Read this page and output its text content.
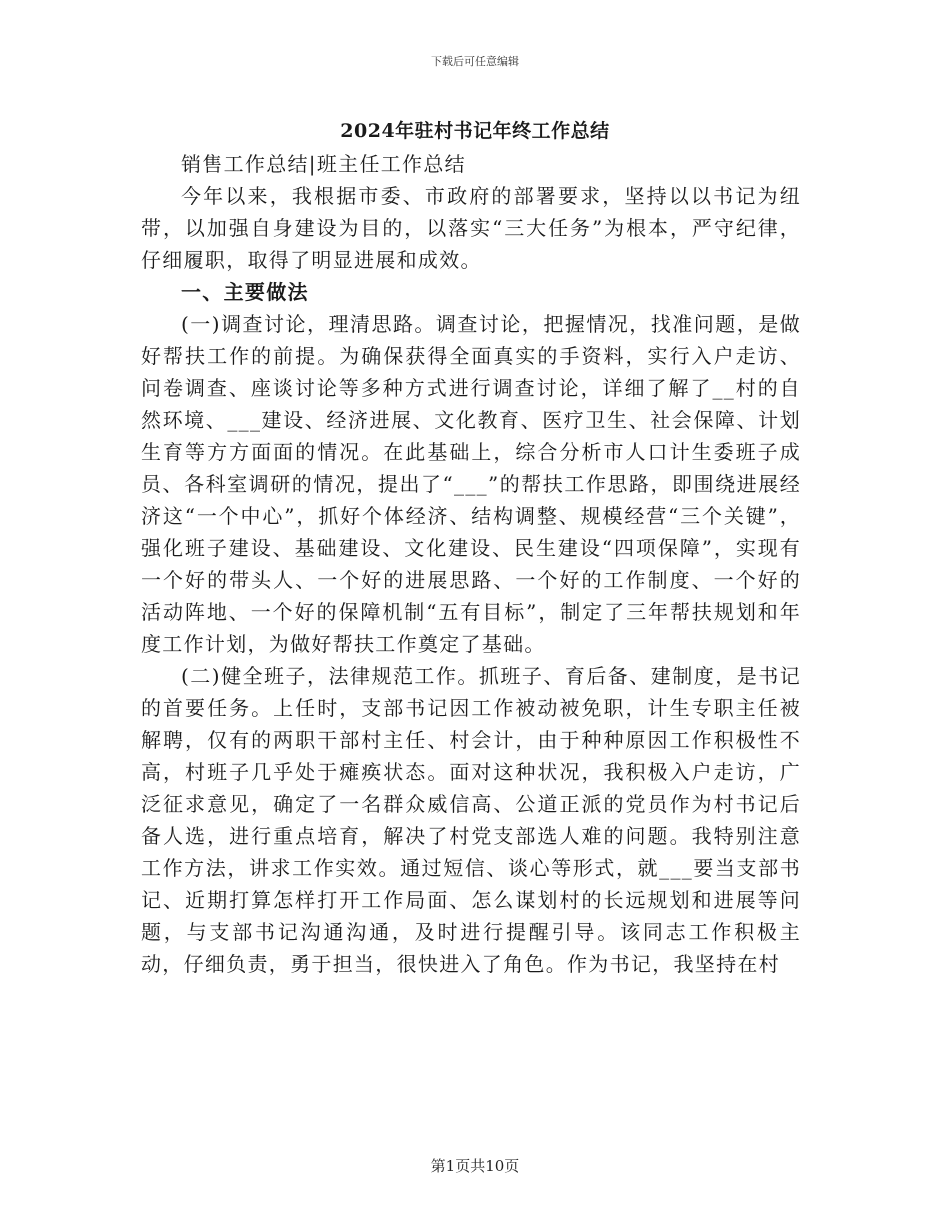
下载后可任意编辑
2024年驻村书记年终工作总结

销售工作总结|班主任工作总结

今年以来，我根据市委、市政府的部署要求，坚持以以书记为纽带，以加强自身建设为目的，以落实“三大任务”为根本，严守纪律，仔细履职，取得了明显进展和成效。

一、主要做法

(一)调查讨论，理清思路。调查讨论，把握情况，找准问题，是做好帮扶工作的前提。为确保获得全面真实的手资料，实行入户走访、问卷调查、座谈讨论等多种方式进行调查讨论，详细了解了__村的自然环境、___建设、经济进展、文化教育、医疗卫生、社会保障、计划生育等方方面面的情况。在此基础上，综合分析市人口计生委班子成员、各科室调研的情况，提出了“___”的帮扶工作思路，即围绕进展经济这“一个中心”，抓好个体经济、结构调整、规模经营“三个关键”，强化班子建设、基础建设、文化建设、民生建设“四项保障”，实现有一个好的带头人、一个好的进展思路、一个好的工作制度、一个好的活动阵地、一个好的保障机制“五有目标”，制定了三年帮扶规划和年度工作计划，为做好帮扶工作奠定了基础。

(二)健全班子，法律规范工作。抓班子、育后备、建制度，是书记的首要任务。上任时，支部书记因工作被动被免职，计生专职主任被解聘，仅有的两职干部村主任、村会计，由于种种原因工作积极性不高，村班子几乎处于瘫痪状态。面对这种状况，我积极入户走访，广泛征求意见，确定了一名群众威信高、公道正派的党员作为村书记后备人选，进行重点培育，解决了村党支部选人难的问题。我特别注意工作方法，讲求工作实效。通过短信、谈心等形式，就___要当支部书记、近期打算怎样打开工作局面、怎么谋划村的长远规划和进展等问题，与支部书记沟通沟通，及时进行提醒引导。该同志工作积极主动，仔细负责，勇于担当，很快进入了角色。作为书记，我坚持在村

第1页共10页
